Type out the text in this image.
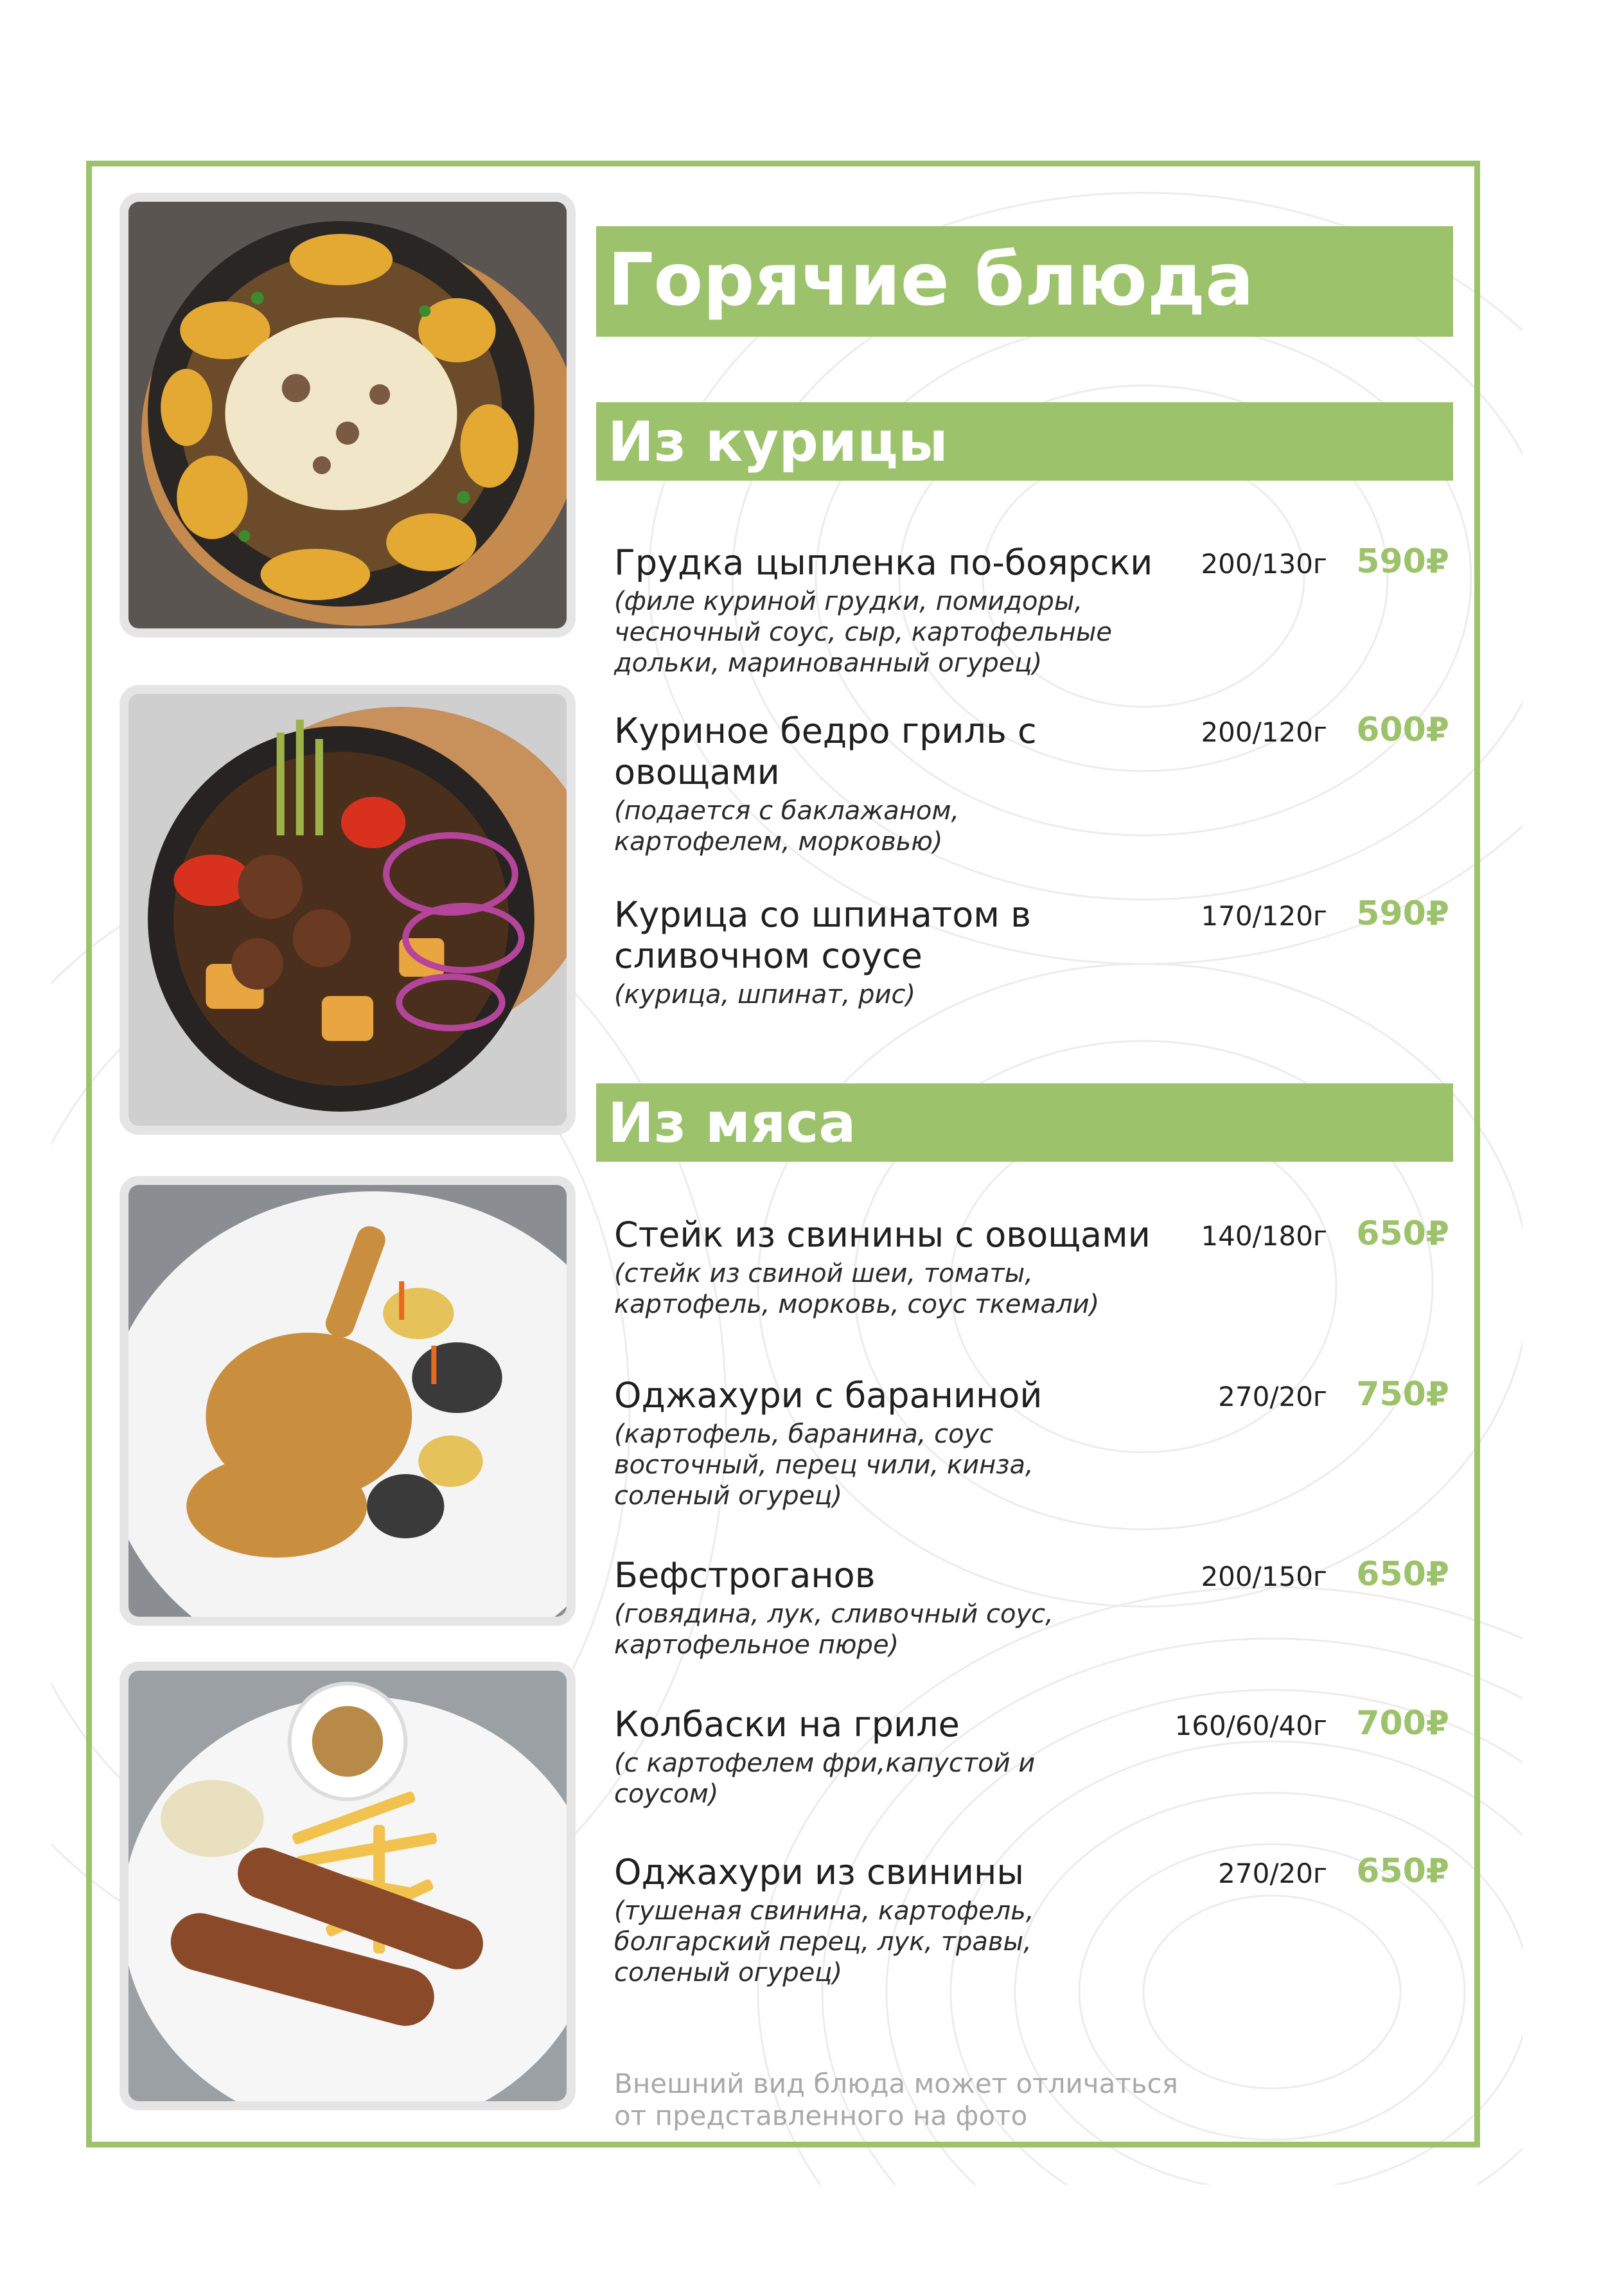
Горячие блюда
Из курицы
Грудка цыпленка по-боярски
(филе куриной грудки, помидоры, чесночный соус, сыр, картофельные дольки, маринованный огурец)
200/130г 590₽
Куриное бедро гриль с овощами
(подается с баклажаном, картофелем, морковью)
200/120г 600₽
Курица со шпинатом в сливочном соусе
(курица, шпинат, рис)
170/120г 590₽
Из мяса
Стейк из свинины с овощами
(стейк из свиной шеи, томаты, картофель, морковь, соус ткемали)
140/180г 650₽
Оджахури с бараниной
(картофель, баранина, соус восточный, перец чили, кинза, соленый огурец)
270/20г 750₽
Бефстроганов
(говядина, лук, сливочный соус, картофельное пюре)
200/150г 650₽
Колбаски на гриле
(с картофелем фри,капустой и соусом)
160/60/40г 700₽
Оджахури из свинины
(тушеная свинина, картофель, болгарский перец, лук, травы, соленый огурец)
270/20г 650₽
Внешний вид блюда может отличаться от представленного на фото
